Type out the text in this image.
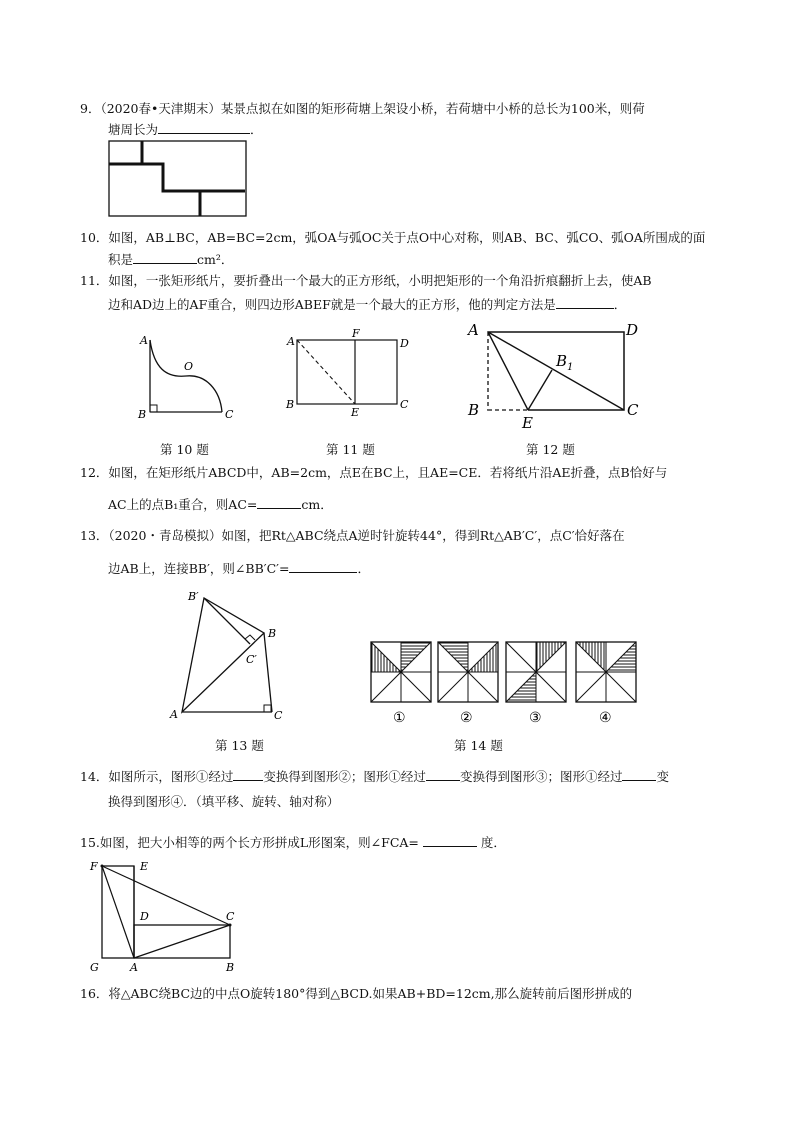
9．（2020春•天津期末）某景点拟在如图的矩形荷塘上架设小桥，若荷塘中小桥的总长为100米，则荷
塘周长为	．
10．如图，AB⊥BC，AB=BC=2cm，弧OA与弧OC关于点O中心对称，则AB、BC、弧CO、弧OA所围成的面
积是	cm²．
11．如图，一张矩形纸片，要折叠出一个最大的正方形纸，小明把矩形的一个角沿折痕翻折上去，使AB
边和AD边上的AF重合，则四边形ABEF就是一个最大的正方形，他的判定方法是	．
A
O
B	C
第 10 题
A
F
D
B
E
C
第 11 题
A	D
B 1
B
E
C
第 12 题
12．如图，在矩形纸片ABCD中，AB=2cm，点E在BC上，且AE=CE．若将纸片沿AE折叠，点B恰好与
AC上的点B₁重合，则AC=	cm．
13．（2020・青岛模拟）如图，把Rt△ABC绕点A逆时针旋转44°，得到Rt△AB′C′，点C′恰好落在
边AB上，连接BB′，则∠BB′C′=	．
B′
B
C′
A	C
第 13 题
①	②	③	④
第 14 题
14．如图所示，图形①经过 变换得到图形②；图形①经过	变换得到图形③；图形①经过	变
换得到图形④．（填平移、旋转、轴对称）
15.如图，把大小相等的两个长方形拼成L形图案，则∠FCA=	度．
F	E
D	C
G	A	B
16．将△ABC绕BC边的中点O旋转180°得到△BCD.如果AB+BD=12cm,那么旋转前后图形拼成的
